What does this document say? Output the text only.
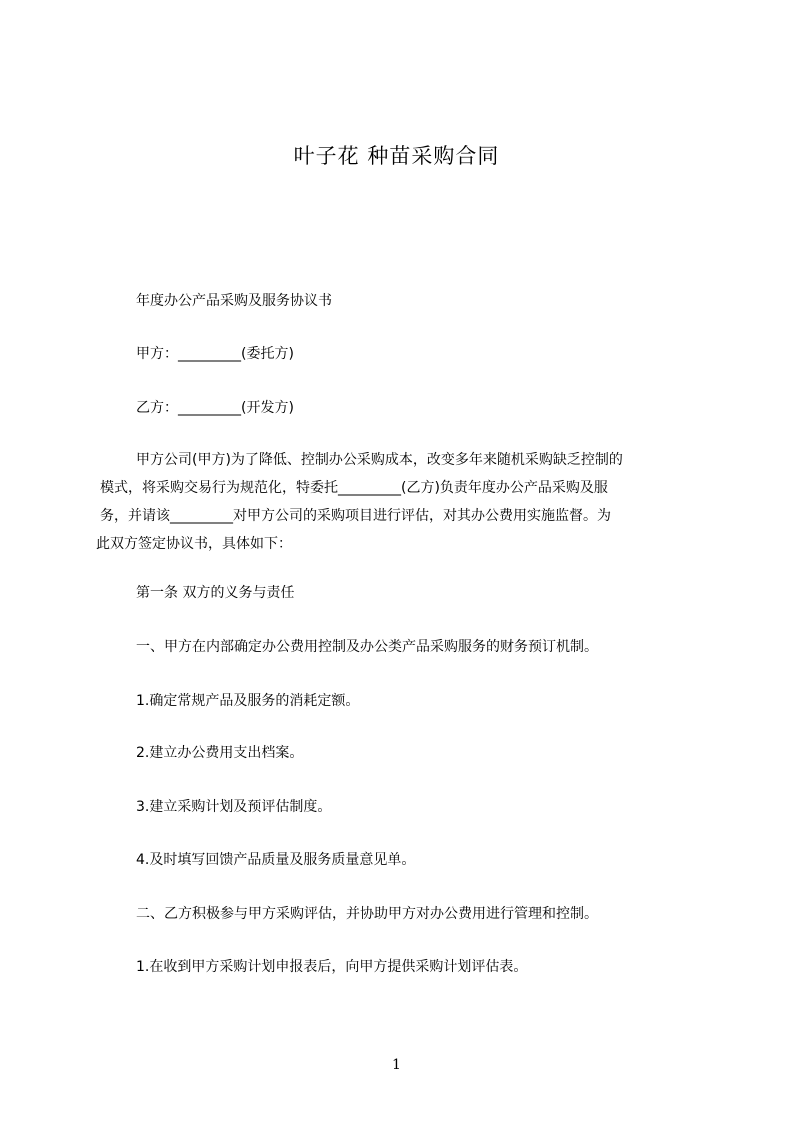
叶子花 种苗采购合同
年度办公产品采购及服务协议书
甲方：_________(委托方)
乙方：_________(开发方)
甲方公司(甲方)为了降低、控制办公采购成本，改变多年来随机采购缺乏控制的
模式，将采购交易行为规范化，特委托_________(乙方)负责年度办公产品采购及服
务，并请该_________对甲方公司的采购项目进行评估，对其办公费用实施监督。为
此双方签定协议书，具体如下：
第一条 双方的义务与责任
一、甲方在内部确定办公费用控制及办公类产品采购服务的财务预订机制。
1.确定常规产品及服务的消耗定额。
2.建立办公费用支出档案。
3.建立采购计划及预评估制度。
4.及时填写回馈产品质量及服务质量意见单。
二、乙方积极参与甲方采购评估，并协助甲方对办公费用进行管理和控制。
1.在收到甲方采购计划申报表后，向甲方提供采购计划评估表。
1
